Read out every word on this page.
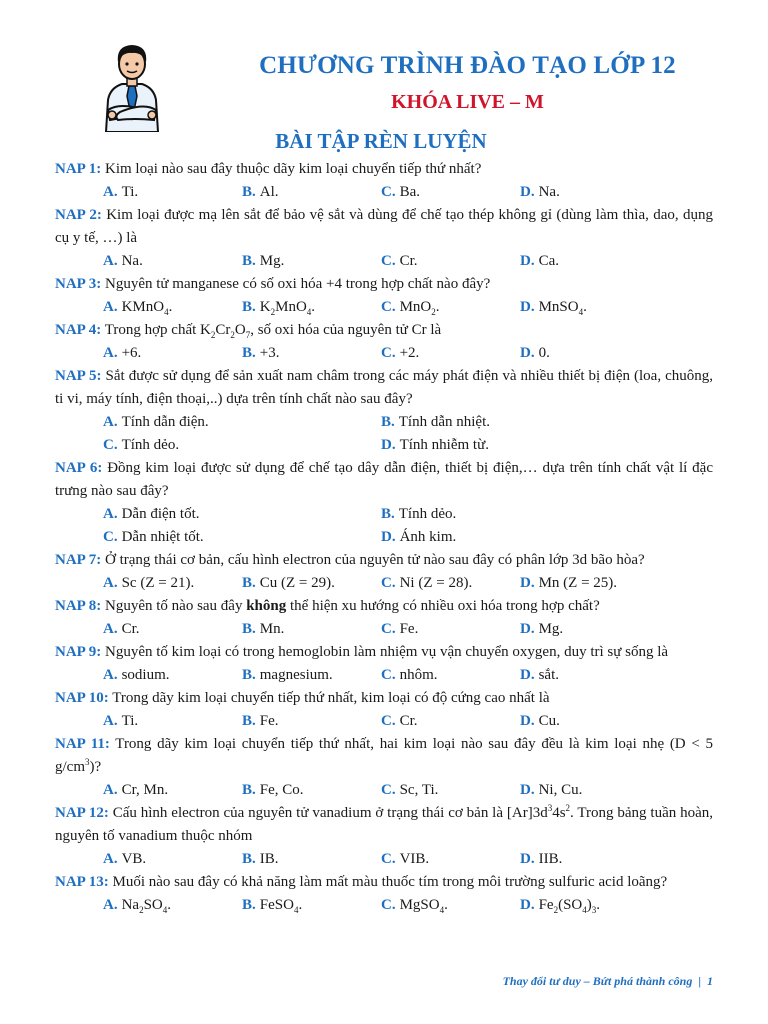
CHƯƠNG TRÌNH ĐÀO TẠO LỚP 12
KHÓA LIVE – M
BÀI TẬP RÈN LUYỆN
NAP 1: Kim loại nào sau đây thuộc dãy kim loại chuyển tiếp thứ nhất?
A. Ti.	B. Al.	C. Ba.	D. Na.
NAP 2: Kim loại được mạ lên sắt để bảo vệ sắt và dùng để chế tạo thép không gỉ (dùng làm thìa, dao, dụng cụ y tế, …) là
A. Na.	B. Mg.	C. Cr.	D. Ca.
NAP 3: Nguyên tử manganese có số oxi hóa +4 trong hợp chất nào đây?
A. KMnO$_4$.	B. $K_2MnO_4$.	C. MnO$_2$.	D. MnSO$_4$.
NAP 4: Trong hợp chất $K_2Cr_2O_7$, số oxi hóa của nguyên tử Cr là
A. +6.	B. +3.	C. +2.	D. 0.
NAP 5: Sắt được sử dụng để sản xuất nam châm trong các máy phát điện và nhiều thiết bị điện (loa, chuông, ti vi, máy tính, điện thoại,..) dựa trên tính chất nào sau đây?
A. Tính dẫn điện.	B. Tính dẫn nhiệt.
C. Tính dẻo.	D. Tính nhiễm từ.
NAP 6: Đồng kim loại được sử dụng để chế tạo dây dẫn điện, thiết bị điện,… dựa trên tính chất vật lí đặc trưng nào sau đây?
A. Dẫn điện tốt.	B. Tính dẻo.
C. Dẫn nhiệt tốt.	D. Ánh kim.
NAP 7: Ở trạng thái cơ bản, cấu hình electron của nguyên tử nào sau đây có phân lớp 3d bão hòa?
A. Sc (Z = 21).	B. Cu (Z = 29).	C. Ni (Z = 28).	D. Mn (Z = 25).
NAP 8: Nguyên tố nào sau đây không thể hiện xu hướng có nhiều oxi hóa trong hợp chất?
A. Cr.	B. Mn.	C. Fe.	D. Mg.
NAP 9: Nguyên tố kim loại có trong hemoglobin làm nhiệm vụ vận chuyển oxygen, duy trì sự sống là
A. sodium.	B. magnesium.	C. nhôm.	D. sắt.
NAP 10: Trong dãy kim loại chuyển tiếp thứ nhất, kim loại có độ cứng cao nhất là
A. Ti.	B. Fe.	C. Cr.	D. Cu.
NAP 11: Trong dãy kim loại chuyển tiếp thứ nhất, hai kim loại nào sau đây đều là kim loại nhẹ (D < 5 $g/cm^3$)?
A. Cr, Mn.	B. Fe, Co.	C. Sc, Ti.	D. Ni, Cu.
NAP 12: Cấu hình electron của nguyên tử vanadium ở trạng thái cơ bản là $[Ar]3d^34s^2$. Trong bảng tuần hoàn, nguyên tố vanadium thuộc nhóm
A. VB.	B. IB.	C. VIB.	D. IIB.
NAP 13: Muối nào sau đây có khả năng làm mất màu thuốc tím trong môi trường sulfuric acid loãng?
A. $Na_2SO_4$.	B. FeSO$_4$.	C. MgSO$_4$.	D. $Fe_2(SO_4)_3$.
Thay đổi tư duy – Bứt phá thành công | 1
